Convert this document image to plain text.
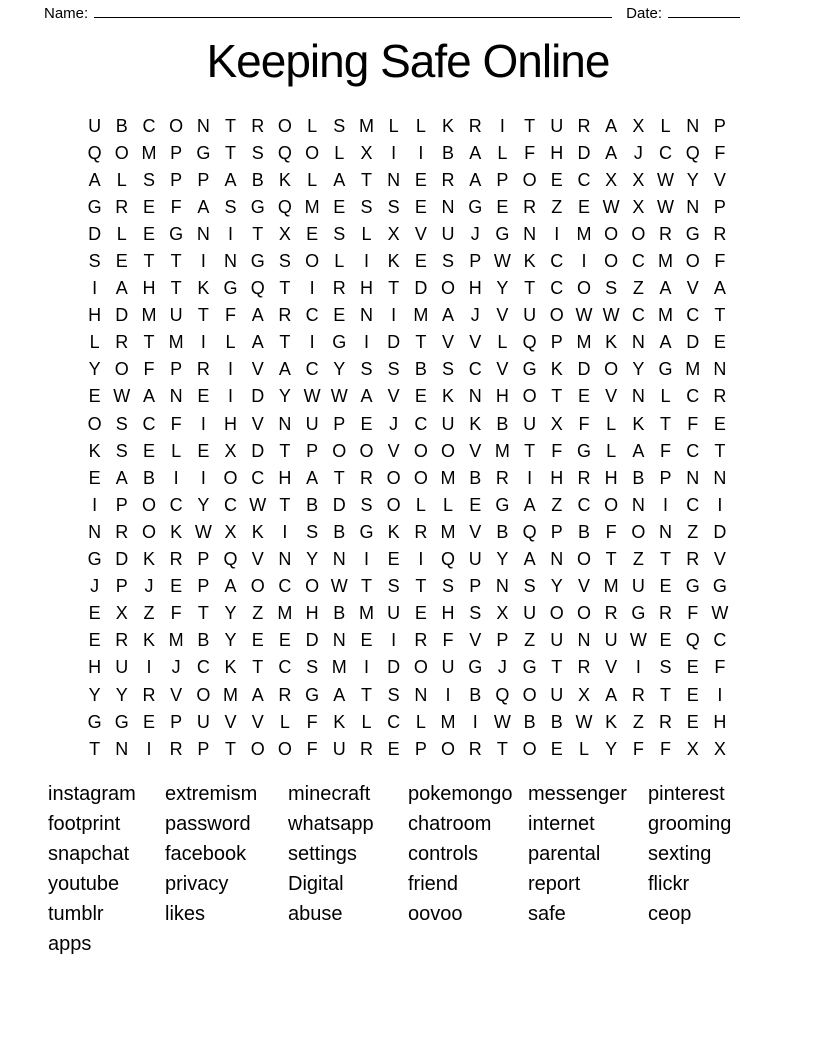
Name:	Date:
Keeping Safe Online
U B C O N T R O L S M L L K R	I	T U R A X L N P
Q O M P G T S Q O L X	I	I	B A L F H D A J C Q F
A L S P P A B K L A T N E R A P O E C X X W Y V
G R E F A S G Q M E S S E N G E R Z E W X W N P
D L E G N	I	T X E S L X V U J G N	I M O O R G R
S E T T	I	N G S O L	I	K E S P W K C	I O C M O F
I	A H T K G Q T	I	R H T D O H Y T C O S Z A V A
H D M U T F A R C E N	I M A J V U O W W C M C T
L R T M I	L A T	I G I	D T V V L Q P M K N A D E
Y O F P R	I	V A C Y S S B S C V G K D O Y G M N
E W A N E	I	D Y W W A V E K N H O T E V N L C R
O S C F	I	H V N U P E J C U K B U X F L K T F E
K S E L E X D T P O O V O O V M T F G L A F C T
E A B	I	I O C H A T R O O M B R	I	H R H B P N N
I	P O C Y C W T B D S O L L E G A Z C O N	I	C	I
N R O K W X K	I	S B G K R M V B Q P B F O N Z D
G D K R P Q V N Y N	I	E	I Q U Y A N O T Z T R V
J P J E P A O C O W T S T S P N S Y V M U E G G
E X Z F T Y Z M H B M U E H S X U O O R G R F W
E R K M B Y E E D N E	I	R F V P Z U N U W E Q C
H U	I	J C K T C S M I	D O U G J G T R V	I	S E F
Y Y R V O M A R G A T S N	I	B Q O U X A R T E	I
G G E P U V V L F K L C L M I W B B W K Z R E H
T N	I	R P T O O F U R E P O R T O E L Y F F X X
instagram
footprint
snapchat
youtube
tumblr
apps
extremism
password
facebook
privacy
likes
minecraft
whatsapp
settings
Digital
abuse
pokemongo
chatroom
controls
friend
oovoo
messenger
internet
parental
report
safe
pinterest
grooming
sexting
flickr
ceop
